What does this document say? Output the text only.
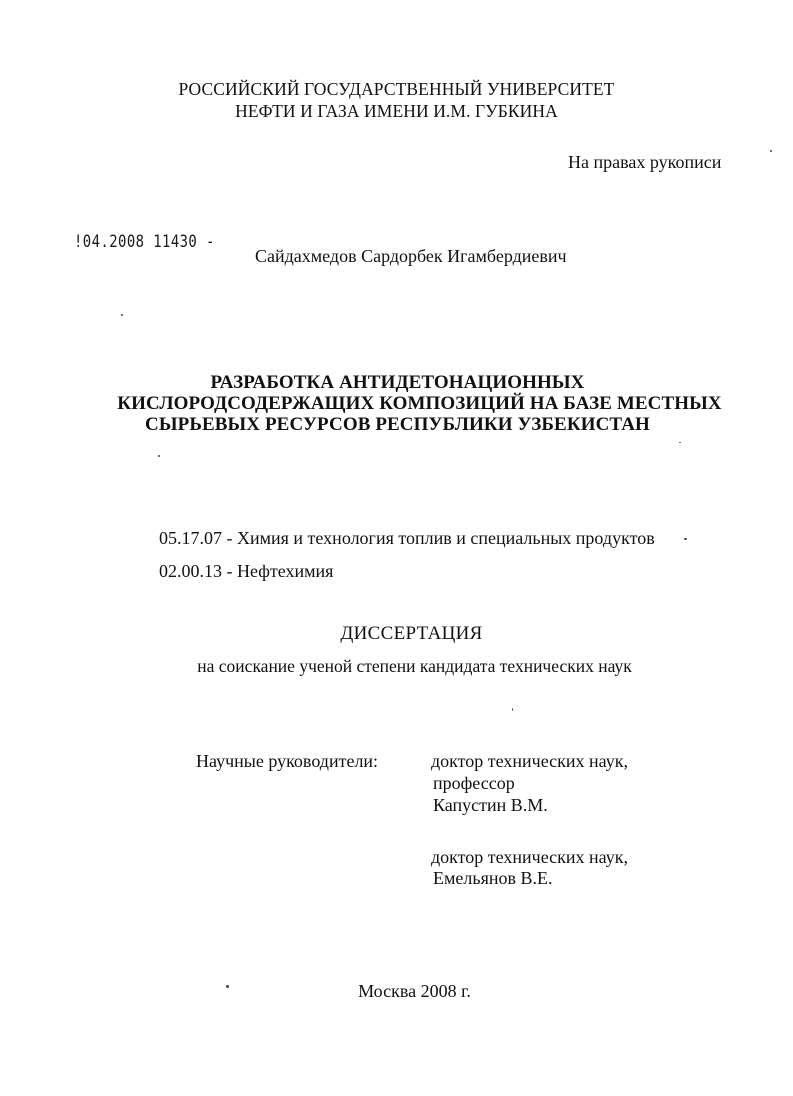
РОССИЙСКИЙ ГОСУДАРСТВЕННЫЙ УНИВЕРСИТЕТ
НЕФТИ И ГАЗА ИМЕНИ И.М. ГУБКИНА
На правах рукописи
!04.2008 11430 -
Сайдахмедов Сардорбек Игамбердиевич
РАЗРАБОТКА АНТИДЕТОНАЦИОННЫХ
КИСЛОРОДСОДЕРЖАЩИХ КОМПОЗИЦИЙ НА БАЗЕ МЕСТНЫХ
СЫРЬЕВЫХ РЕСУРСОВ РЕСПУБЛИКИ УЗБЕКИСТАН
05.17.07 - Химия и технология топлив и специальных продуктов
02.00.13 - Нефтехимия
ДИССЕРТАЦИЯ
на соискание ученой степени кандидата технических наук
Научные руководители:	доктор технических наук,
профессор
Капустин В.М.
доктор технических наук,
Емельянов В.Е.
Москва 2008 г.
